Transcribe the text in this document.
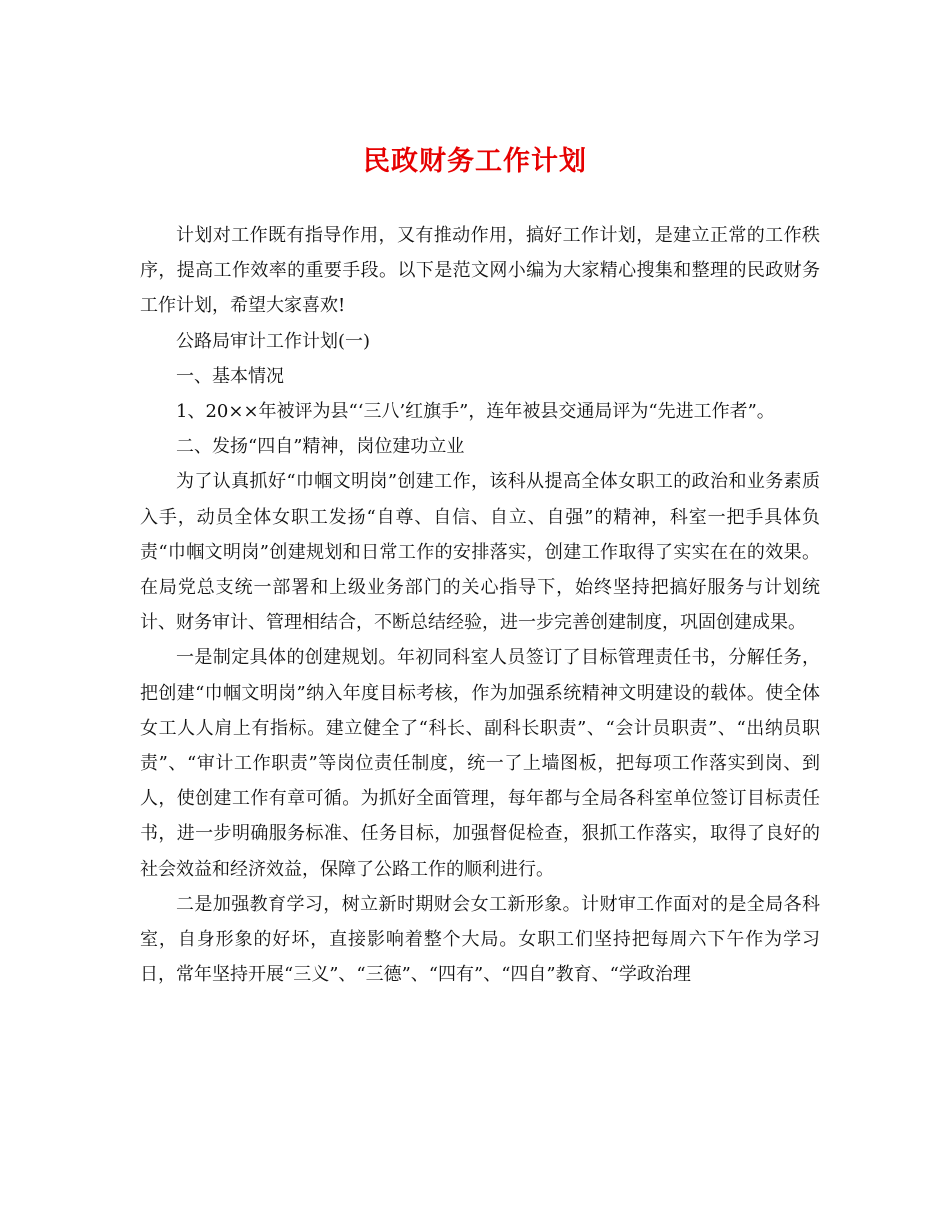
民政财务工作计划

计划对工作既有指导作用，又有推动作用，搞好工作计划，是建立正常的工作秩序，提高工作效率的重要手段。以下是范文网小编为大家精心搜集和整理的民政财务工作计划，希望大家喜欢!

公路局审计工作计划(一)

一、基本情况

1、20××年被评为县“‘三八’红旗手”，连年被县交通局评为“先进工作者”。

二、发扬“四自”精神，岗位建功立业

为了认真抓好“巾帼文明岗”创建工作，该科从提高全体女职工的政治和业务素质入手，动员全体女职工发扬“自尊、自信、自立、自强”的精神，科室一把手具体负责“巾帼文明岗”创建规划和日常工作的安排落实，创建工作取得了实实在在的效果。在局党总支统一部署和上级业务部门的关心指导下，始终坚持把搞好服务与计划统计、财务审计、管理相结合，不断总结经验，进一步完善创建制度，巩固创建成果。

一是制定具体的创建规划。年初同科室人员签订了目标管理责任书，分解任务，把创建“巾帼文明岗”纳入年度目标考核，作为加强系统精神文明建设的载体。使全体女工人人肩上有指标。建立健全了“科长、副科长职责”、“会计员职责”、“出纳员职责”、“审计工作职责”等岗位责任制度，统一了上墙图板，把每项工作落实到岗、到人，使创建工作有章可循。为抓好全面管理，每年都与全局各科室单位签订目标责任书，进一步明确服务标准、任务目标，加强督促检查，狠抓工作落实，取得了良好的社会效益和经济效益，保障了公路工作的顺利进行。

二是加强教育学习，树立新时期财会女工新形象。计财审工作面对的是全局各科室，自身形象的好坏，直接影响着整个大局。女职工们坚持把每周六下午作为学习日，常年坚持开展“三义”、“三德”、“四有”、“四自”教育、“学政治理
